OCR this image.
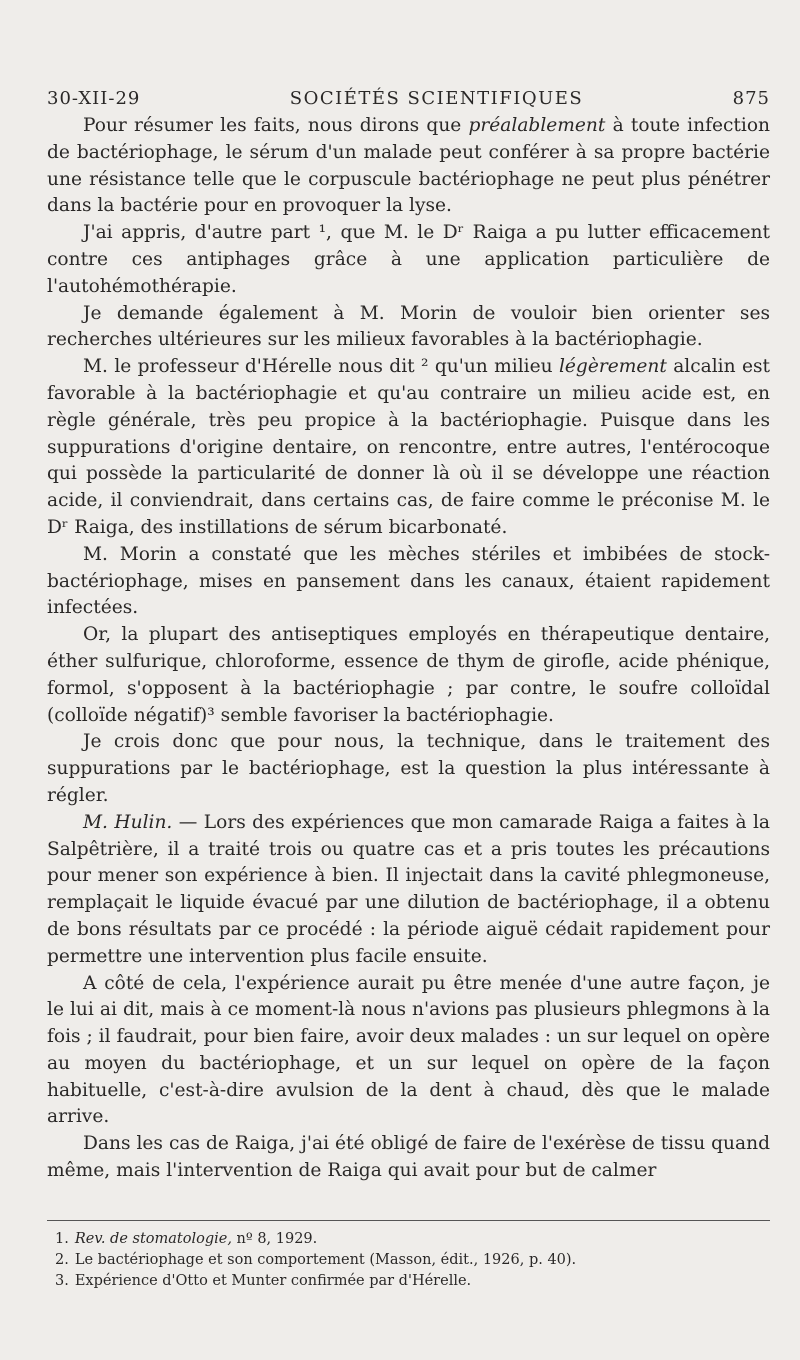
30-XII-29	SOCIÉTÉS SCIENTIFIQUES	875

Pour résumer les faits, nous dirons que préalablement à toute infection de bactériophage, le sérum d'un malade peut conférer à sa propre bactérie une résistance telle que le corpuscule bactériophage ne peut plus pénétrer dans la bactérie pour en provoquer la lyse.

J'ai appris, d'autre part ¹, que M. le Dʳ Raiga a pu lutter efficacement contre ces antiphages grâce à une application particulière de l'autohémothérapie.

Je demande également à M. Morin de vouloir bien orienter ses recherches ultérieures sur les milieux favorables à la bactériophagie.

M. le professeur d'Hérelle nous dit ² qu'un milieu légèrement alcalin est favorable à la bactériophagie et qu'au contraire un milieu acide est, en règle générale, très peu propice à la bactériophagie. Puisque dans les suppurations d'origine dentaire, on rencontre, entre autres, l'entérocoque qui possède la particularité de donner là où il se développe une réaction acide, il conviendrait, dans certains cas, de faire comme le préconise M. le Dʳ Raiga, des instillations de sérum bicarbonaté.

M. Morin a constaté que les mèches stériles et imbibées de stock-bactériophage, mises en pansement dans les canaux, étaient rapidement infectées.

Or, la plupart des antiseptiques employés en thérapeutique dentaire, éther sulfurique, chloroforme, essence de thym de girofle, acide phénique, formol, s'opposent à la bactériophagie ; par contre, le soufre colloïdal (colloïde négatif)³ semble favoriser la bactériophagie.

Je crois donc que pour nous, la technique, dans le traitement des suppurations par le bactériophage, est la question la plus intéressante à régler.

M. Hulin. — Lors des expériences que mon camarade Raiga a faites à la Salpêtrière, il a traité trois ou quatre cas et a pris toutes les précautions pour mener son expérience à bien. Il injectait dans la cavité phlegmoneuse, remplaçait le liquide évacué par une dilution de bactériophage, il a obtenu de bons résultats par ce procédé : la période aiguë cédait rapidement pour permettre une intervention plus facile ensuite.

A côté de cela, l'expérience aurait pu être menée d'une autre façon, je le lui ai dit, mais à ce moment-là nous n'avions pas plusieurs phlegmons à la fois ; il faudrait, pour bien faire, avoir deux malades : un sur lequel on opère au moyen du bactériophage, et un sur lequel on opère de la façon habituelle, c'est-à-dire avulsion de la dent à chaud, dès que le malade arrive.

Dans les cas de Raiga, j'ai été obligé de faire de l'exérèse de tissu quand même, mais l'intervention de Raiga qui avait pour but de calmer

1. Rev. de stomatologie, nº 8, 1929.
2. Le bactériophage et son comportement (Masson, édit., 1926, p. 40).
3. Expérience d'Otto et Munter confirmée par d'Hérelle.
